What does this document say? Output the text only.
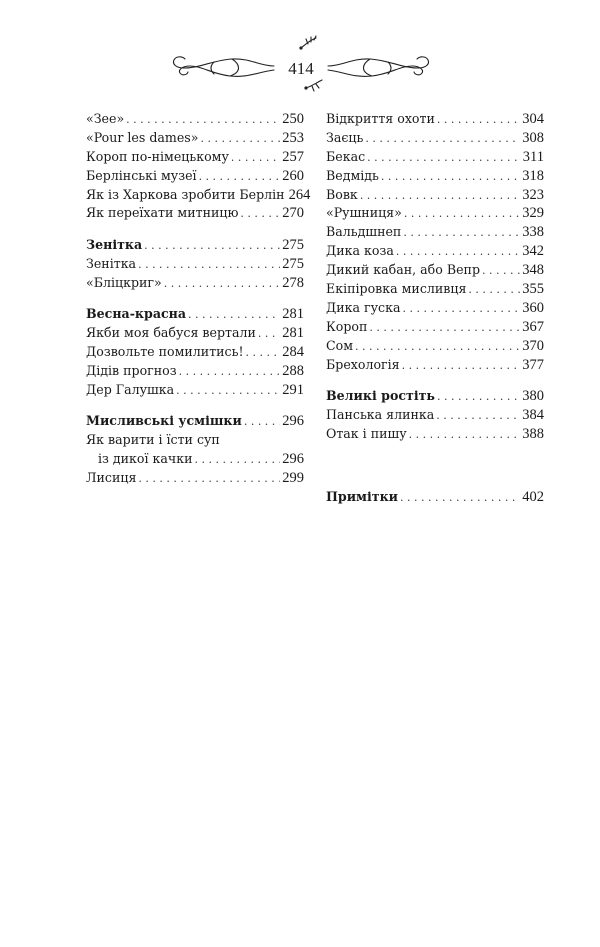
414
«Зее» . . .	250
«Pour les dames» . . .	253
Короп по-німецькому . . .	257
Берлінські музеї . . .	260
Як із Харкова зробити Берлін 264
Як переїхати митницю . . .	270
Зенітка . . .	275
Зенітка . . .	275
«Бліцкриг» . . .	278
Весна-красна . . .	281
Якби моя бабуся вертали . . . 281
Дозвольте помилитись! . . .	284
Дідів прогноз . . .	288
Дер Галушка . . .	291
Мисливські усмішки . . .	296
Як варити і їсти суп
із дикої качки . . .	296
Лисиця . . .	299
Відкриття охоти . . .	304
Заєць . . .	308
Бекас . . .	311
Ведмідь . . .	318
Вовк . . .	323
«Рушниця» . . .	329
Вальдшнеп . . .	338
Дика коза . . .	342
Дикий кабан, або Вепр . . .	348
Екіпіровка мисливця . . .	355
Дика гуска . . .	360
Короп . . .	367
Сом . . .	370
Брехологія . . .	377
Великі ростіть . . .	380
Панська ялинка . . .	384
Отак і пишу . . .	388
Примітки . . .	402
